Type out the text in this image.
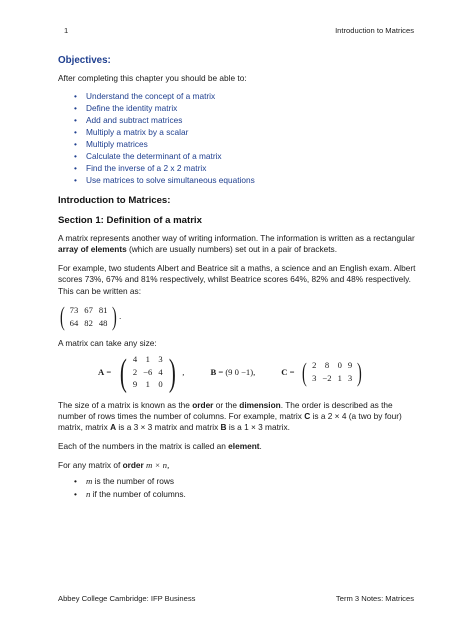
1	Introduction to Matrices
Objectives:

After completing this chapter you should be able to:

• Understand the concept of a matrix
• Define the identity matrix
• Add and subtract matrices
• Multiply a matrix by a scalar
• Multiply matrices
• Calculate the determinant of a matrix
• Find the inverse of a 2 x 2 matrix
• Use matrices to solve simultaneous equations
Introduction to Matrices:
Section 1: Definition of a matrix

A matrix represents another way of writing information. The information is written as a rectangular array of elements (which are usually numbers) set out in a pair of brackets.

For example, two students Albert and Beatrice sit a maths, a science and an English exam. Albert scores 73%, 67% and 81% respectively, whilst Beatrice scores 64%, 82% and 48% respectively. This can be written as:

( 73	67	81
64	82	48 ) .

A matrix can take any size:

A = ( 4	1	3
2	−6	4
9	1	0 ) ,	B = (9 0 −1),	C = ( 2	8	0	9
3	−2	1	3 )

The size of a matrix is known as the order or the dimension. The order is described as the number of rows times the number of columns. For example, matrix C is a 2 × 4 (a two by four) matrix, matrix A is a 3 × 3 matrix and matrix B is a 1 × 3 matrix.

Each of the numbers in the matrix is called an element.

For any matrix of order m × n,

• m is the number of rows
• n if the number of columns.
Abbey College Cambridge: IFP Business	Term 3 Notes: Matrices
